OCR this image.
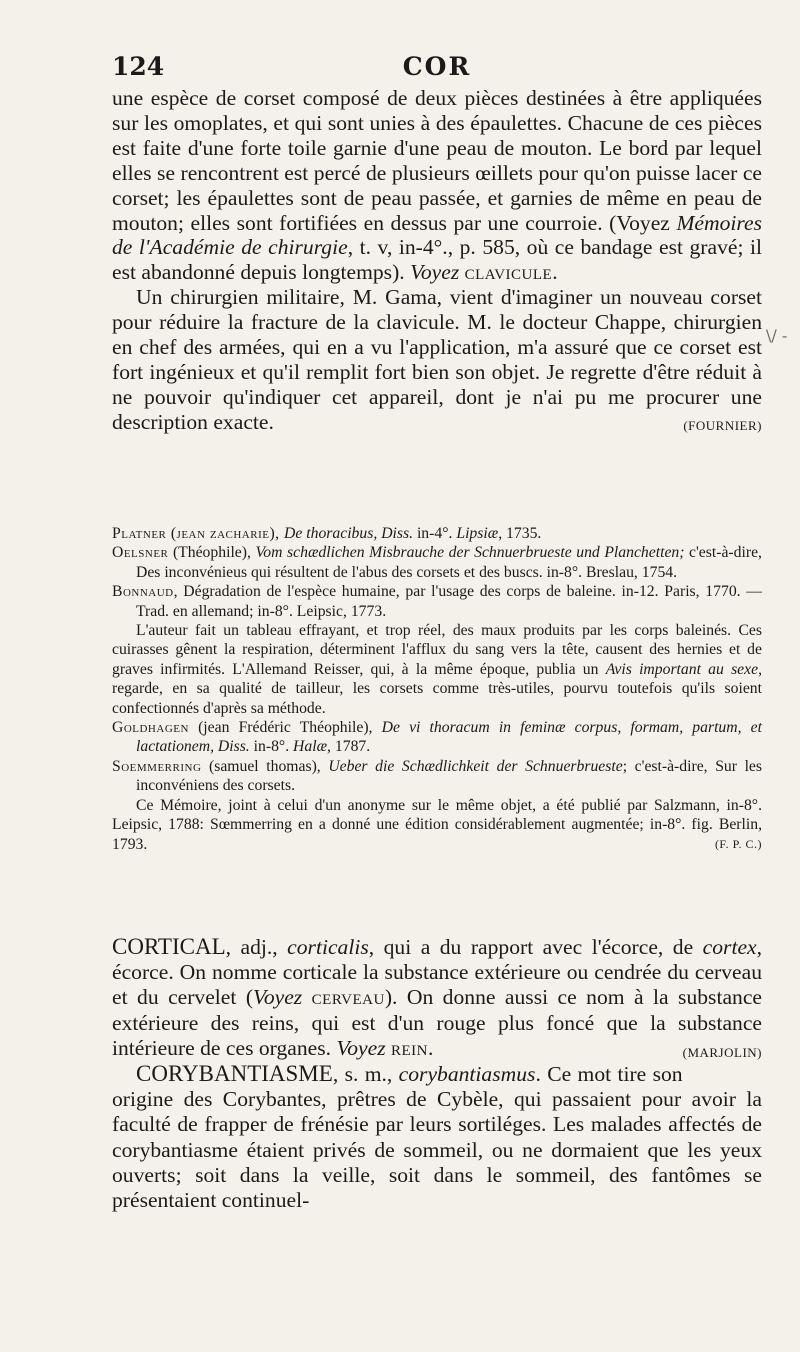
124	COR
\/ -

une espèce de corset composé de deux pièces destinées à être appliquées sur les omoplates, et qui sont unies à des épaulettes. Chacune de ces pièces est faite d'une forte toile garnie d'une peau de mouton. Le bord par lequel elles se rencontrent est percé de plusieurs œillets pour qu'on puisse lacer ce corset; les épaulettes sont de peau passée, et garnies de même en peau de mouton; elles sont fortifiées en dessus par une courroie. (Voyez Mémoires de l'Académie de chirurgie, t. v, in-4°., p. 585, où ce bandage est gravé; il est abandonné depuis longtemps). Voyez clavicule.

Un chirurgien militaire, M. Gama, vient d'imaginer un nouveau corset pour réduire la fracture de la clavicule. M. le docteur Chappe, chirurgien en chef des armées, qui en a vu l'application, m'a assuré que ce corset est fort ingénieux et qu'il remplit fort bien son objet. Je regrette d'être réduit à ne pouvoir qu'indiquer cet appareil, dont je n'ai pu me procurer une description exacte.	(FOURNIER)

Platner (jean zacharie), De thoracibus, Diss. in-4°. Lipsiæ, 1735.

Oelsner (Théophile), Vom schædlichen Misbrauche der Schnuerbrueste und Planchetten; c'est-à-dire, Des inconvénieus qui résultent de l'abus des corsets et des buscs. in-8°. Breslau, 1754.

Bonnaud, Dégradation de l'espèce humaine, par l'usage des corps de baleine. in-12. Paris, 1770. — Trad. en allemand; in-8°. Leipsic, 1773.

L'auteur fait un tableau effrayant, et trop réel, des maux produits par les corps baleinés. Ces cuirasses gênent la respiration, déterminent l'afflux du sang vers la tête, causent des hernies et de graves infirmités. L'Allemand Reisser, qui, à la même époque, publia un Avis important au sexe, regarde, en sa qualité de tailleur, les corsets comme très-utiles, pourvu toutefois qu'ils soient confectionnés d'après sa méthode.

Goldhagen (jean Frédéric Théophile), De vi thoracum in feminæ corpus, formam, partum, et lactationem, Diss. in-8°. Halæ, 1787.

Soemmerring (samuel thomas), Ueber die Schædlichkeit der Schnuerbrueste; c'est-à-dire, Sur les inconvéniens des corsets.

Ce Mémoire, joint à celui d'un anonyme sur le même objet, a été publié par Salzmann, in-8°. Leipsic, 1788: Sœmmerring en a donné une édition considérablement augmentée; in-8°. fig. Berlin, 1793.	(F. P. C.)

CORTICAL, adj., corticalis, qui a du rapport avec l'écorce, de cortex, écorce. On nomme corticale la substance extérieure ou cendrée du cerveau et du cervelet (Voyez cerveau). On donne aussi ce nom à la substance extérieure des reins, qui est d'un rouge plus foncé que la substance intérieure de ces organes. Voyez rein.	(MARJOLIN)

CORYBANTIASME, s. m., corybantiasmus. Ce mot tire son origine des Corybantes, prêtres de Cybèle, qui passaient pour avoir la faculté de frapper de frénésie par leurs sortiléges. Les malades affectés de corybantiasme étaient privés de sommeil, ou ne dormaient que les yeux ouverts; soit dans la veille, soit dans le sommeil, des fantômes se présentaient continuel-
